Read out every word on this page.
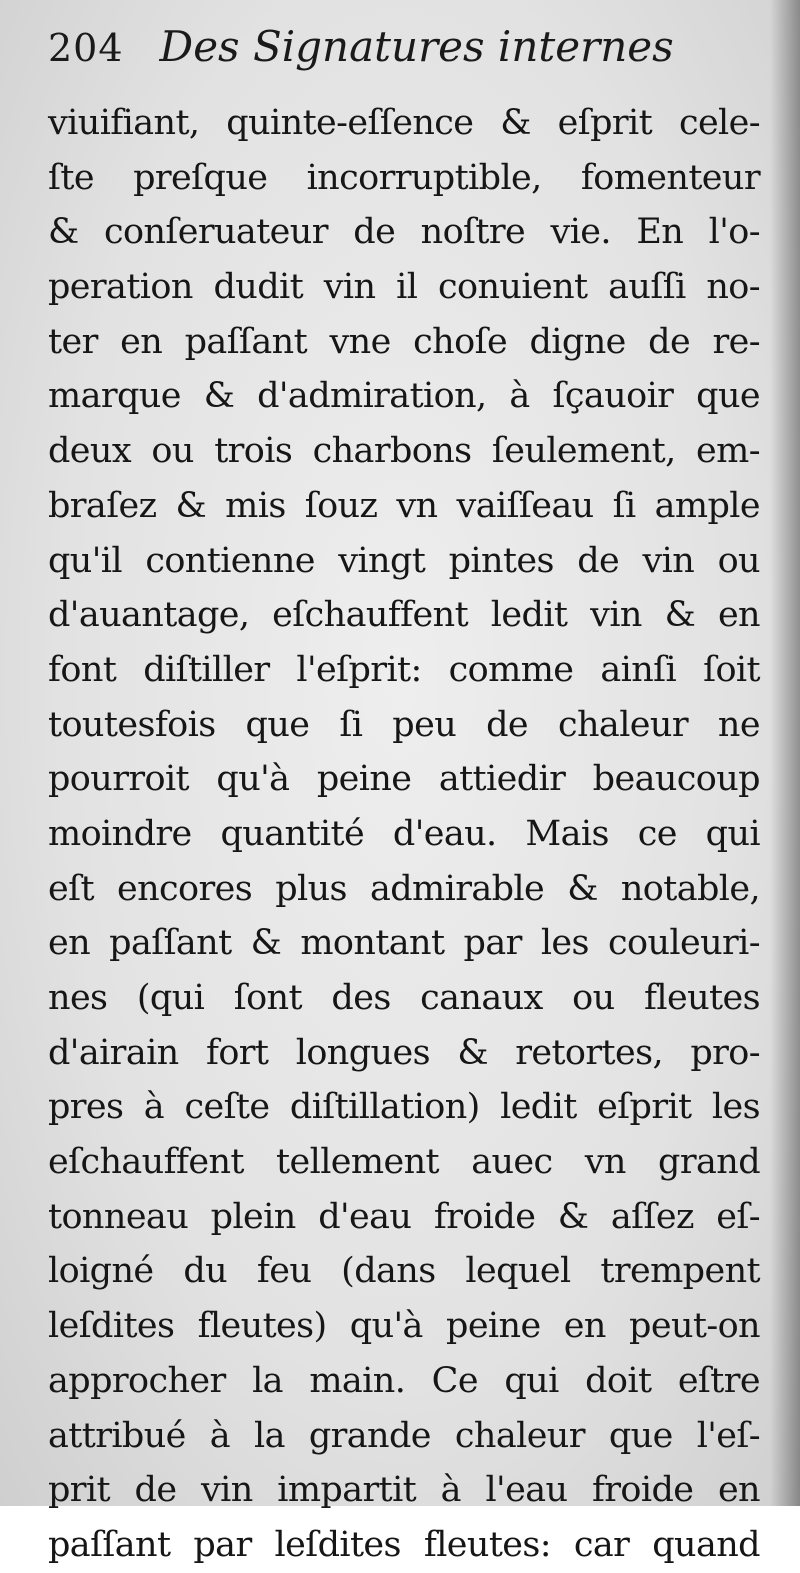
204 Des Signatures internes
viuifiant, quinte-eſſence & eſprit cele-
ſte preſque incorruptible, fomenteur
& conſeruateur de noſtre vie. En l'o-
peration dudit vin il conuient auſſi no-
ter en paſſant vne choſe digne de re-
marque & d'admiration, à ſçauoir que
deux ou trois charbons ſeulement, em-
braſez & mis ſouz vn vaiſſeau ſi ample
qu'il contienne vingt pintes de vin ou
d'auantage, eſchauffent ledit vin & en
font diſtiller l'eſprit: comme ainſi ſoit
toutesfois que ſi peu de chaleur ne
pourroit qu'à peine attiedir beaucoup
moindre quantité d'eau. Mais ce qui
eſt encores plus admirable & notable,
en paſſant & montant par les couleuri-
nes (qui ſont des canaux ou fleutes
d'airain fort longues & retortes, pro-
pres à ceſte diſtillation) ledit eſprit les
eſchauffent tellement auec vn grand
tonneau plein d'eau froide & aſſez eſ-
loigné du feu (dans lequel trempent
leſdites fleutes) qu'à peine en peut-on
approcher la main. Ce qui doit eſtre
attribué à la grande chaleur que l'eſ-
prit de vin impartit à l'eau froide en
paſſant par leſdites fleutes: car quand
